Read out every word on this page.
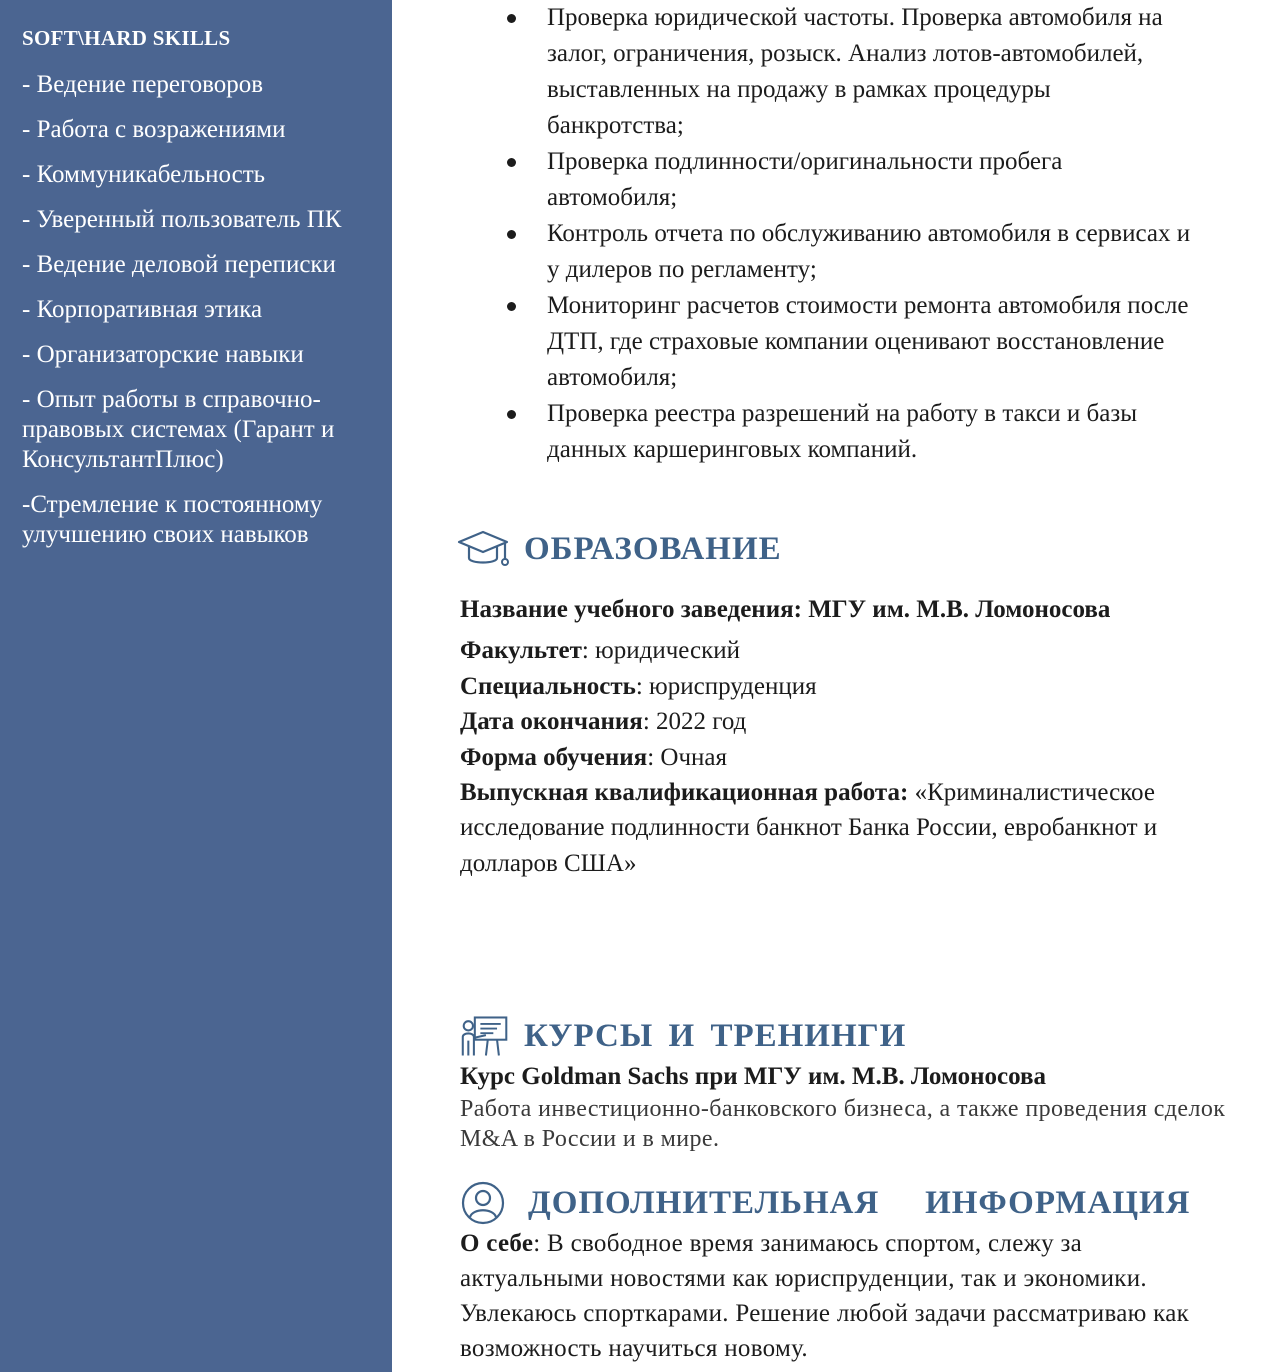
SOFT\HARD SKILLS
- Ведение переговоров
- Работа с возражениями
- Коммуникабельность
- Уверенный пользователь ПК
- Ведение деловой переписки
- Корпоративная этика
- Организаторские навыки
- Опыт работы в справочно-правовых системах (Гарант и КонсультантПлюс)
-Стремление к постоянному улучшению своих навыков
Проверка юридической частоты. Проверка автомобиля на залог, ограничения, розыск. Анализ лотов-автомобилей, выставленных на продажу в рамках процедуры банкротства;
Проверка подлинности/оригинальности пробега автомобиля;
Контроль отчета по обслуживанию автомобиля в сервисах и у дилеров по регламенту;
Мониторинг расчетов стоимости ремонта автомобиля после ДТП, где страховые компании оценивают восстановление автомобиля;
Проверка реестра разрешений на работу в такси и базы данных каршеринговых компаний.
ОБРАЗОВАНИЕ
Название учебного заведения: МГУ им. М.В. Ломоносова
Факультет: юридический
Специальность: юриспруденция
Дата окончания: 2022 год
Форма обучения: Очная
Выпускная квалификационная работа: «Криминалистическое исследование подлинности банкнот Банка России, евробанкнот и долларов США»
КУРСЫ И ТРЕНИНГИ
Курс Goldman Sachs при МГУ им. М.В. Ломоносова
Работа инвестиционно-банковского бизнеса, а также проведения сделок M&A в России и в мире.
ДОПОЛНИТЕЛЬНАЯ   ИНФОРМАЦИЯ
О себе: В свободное время занимаюсь спортом, слежу за актуальными новостями как юриспруденции, так и экономики. Увлекаюсь спорткарами. Решение любой задачи рассматриваю как возможность научиться новому.
